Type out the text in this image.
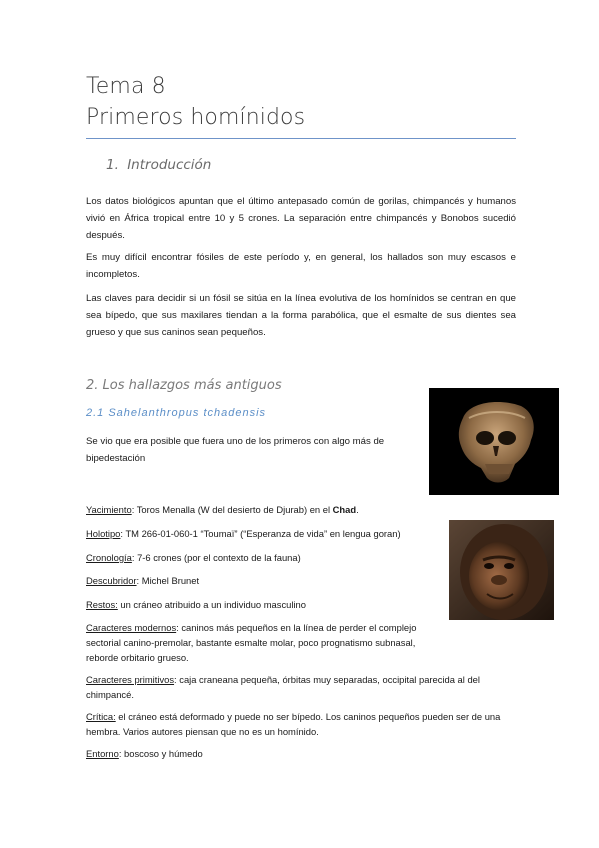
Tema 8
Primeros homínidos
1. Introducción
Los datos biológicos apuntan que el último antepasado común de gorilas, chimpancés y humanos vivió en África tropical entre 10 y 5 crones. La separación entre chimpancés y Bonobos sucedió después.
Es muy difícil encontrar fósiles de este período y, en general, los hallados son muy escasos e incompletos.
Las claves para decidir si un fósil se sitúa en la línea evolutiva de los homínidos se centran en que sea bípedo, que sus maxilares tiendan a la forma parabólica, que el esmalte de sus dientes sea grueso y que sus caninos sean pequeños.
2. Los hallazgos más antiguos
2.1 Sahelanthropus tchadensis
Se vio que era posible que fuera uno de los primeros con algo más de bipedestación
Yacimiento: Toros Menalla (W del desierto de Djurab) en el Chad.
Holotipo: TM 266-01-060-1 “Toumaï” (“Esperanza de vida” en lengua goran)
Cronología: 7-6 crones (por el contexto de la fauna)
Descubridor: Michel Brunet
Restos: un cráneo atribuido a un individuo masculino
Caracteres modernos: caninos más pequeños en la línea de perder el complejo sectorial canino-premolar, bastante esmalte molar, poco prognatismo subnasal, reborde orbitario grueso.
Caracteres primitivos: caja craneana pequeña, órbitas muy separadas, occipital parecida al del chimpancé.
Crítica: el cráneo está deformado y puede no ser bípedo. Los caninos pequeños pueden ser de una hembra. Varios autores piensan que no es un homínido.
Entorno: boscoso y húmedo
